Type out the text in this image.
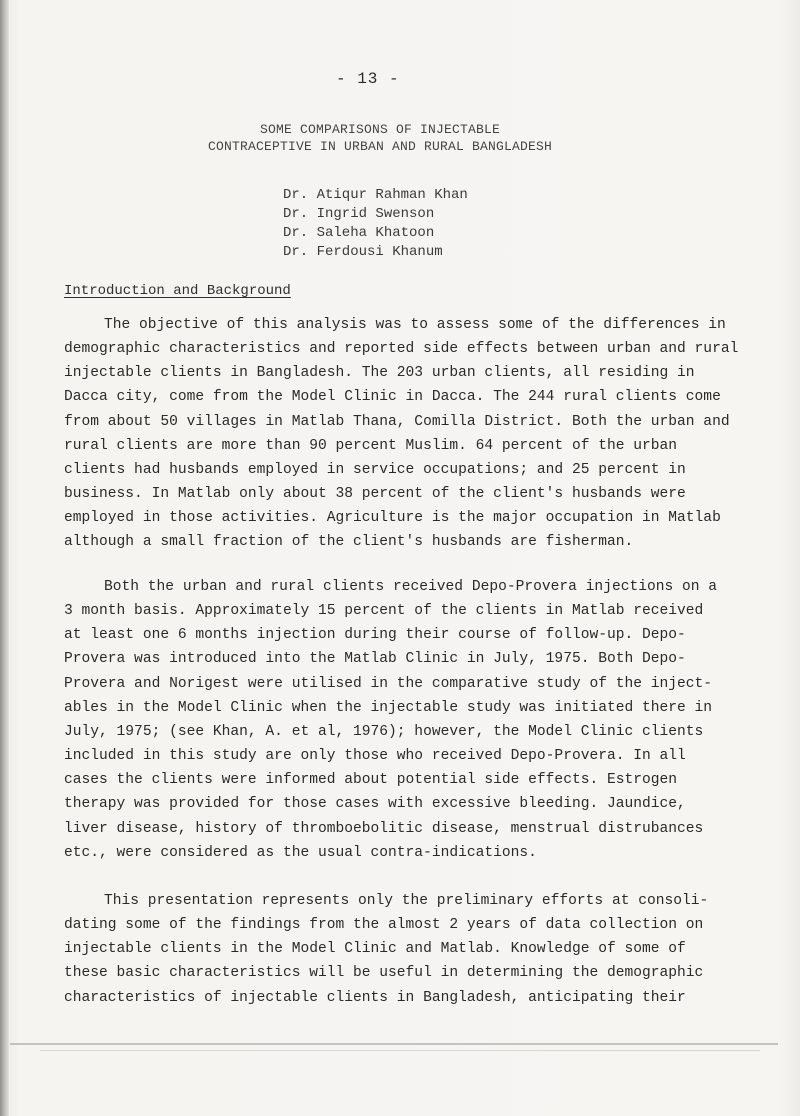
- 13 -
SOME COMPARISONS OF INJECTABLE
CONTRACEPTIVE IN URBAN AND RURAL BANGLADESH
Dr. Atiqur Rahman Khan
Dr. Ingrid Swenson
Dr. Saleha Khatoon
Dr. Ferdousi Khanum
Introduction and Background
The objective of this analysis was to assess some of the differences in
demographic characteristics and reported side effects between urban and rural
injectable clients in Bangladesh. The 203 urban clients, all residing in
Dacca city, come from the Model Clinic in Dacca. The 244 rural clients come
from about 50 villages in Matlab Thana, Comilla District. Both the urban and
rural clients are more than 90 percent Muslim. 64 percent of the urban
clients had husbands employed in service occupations; and 25 percent in
business. In Matlab only about 38 percent of the client's husbands were
employed in those activities. Agriculture is the major occupation in Matlab
although a small fraction of the client's husbands are fisherman.
Both the urban and rural clients received Depo-Provera injections on a
3 month basis. Approximately 15 percent of the clients in Matlab received
at least one 6 months injection during their course of follow-up. Depo-
Provera was introduced into the Matlab Clinic in July, 1975. Both Depo-
Provera and Norigest were utilised in the comparative study of the inject-
ables in the Model Clinic when the injectable study was initiated there in
July, 1975; (see Khan, A. et al, 1976); however, the Model Clinic clients
included in this study are only those who received Depo-Provera. In all
cases the clients were informed about potential side effects. Estrogen
therapy was provided for those cases with excessive bleeding. Jaundice,
liver disease, history of thromboebolitic disease, menstrual distrubances
etc., were considered as the usual contra-indications.
This presentation represents only the preliminary efforts at consoli-
dating some of the findings from the almost 2 years of data collection on
injectable clients in the Model Clinic and Matlab. Knowledge of some of
these basic characteristics will be useful in determining the demographic
characteristics of injectable clients in Bangladesh, anticipating their
